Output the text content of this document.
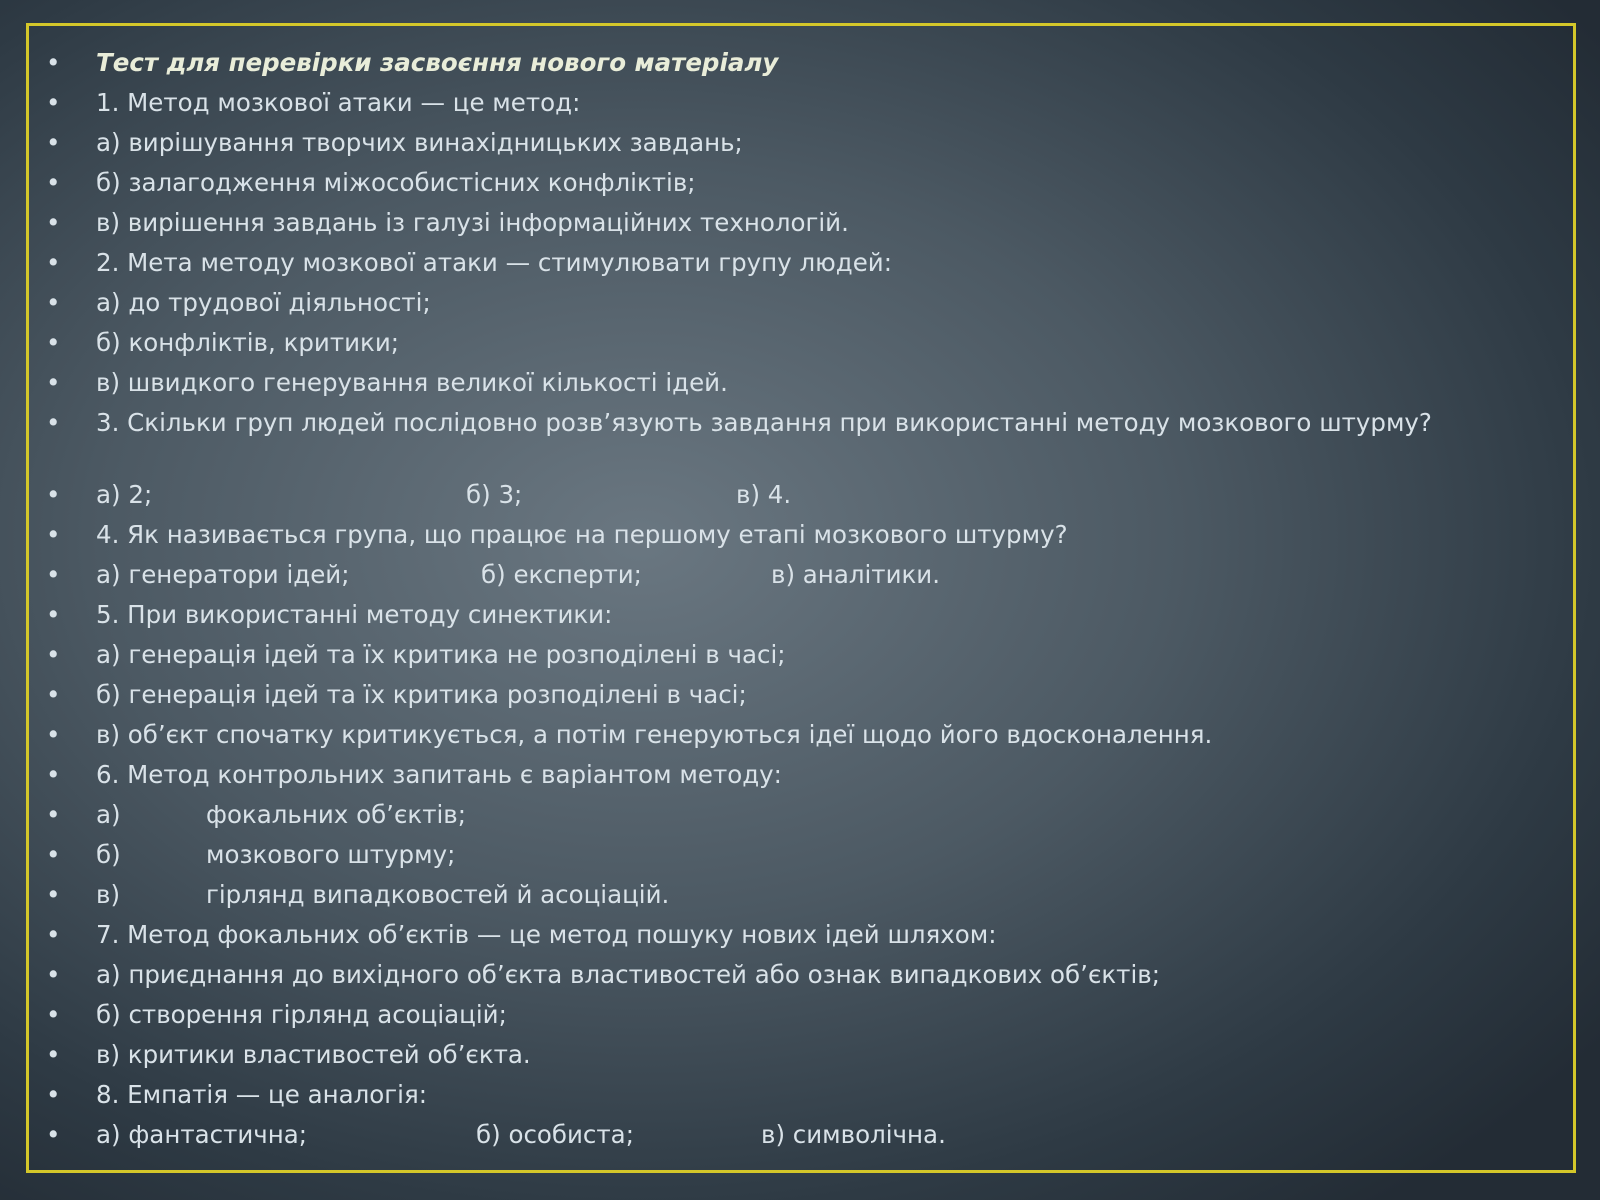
• Тест для перевірки засвоєння нового матеріалу
• 1. Метод мозкової атаки — це метод:
• а) вирішування творчих винахідницьких завдань;
• б) залагодження міжособистісних конфліктів;
• в) вирішення завдань із галузі інформаційних технологій.
• 2. Мета методу мозкової атаки — стимулювати групу людей:
• а) до трудової діяльності;
• б) конфліктів, критики;
• в) швидкого генерування великої кількості ідей.
• 3. Скільки груп людей послідовно розв’язують завдання при використанні методу мозкового штурму?
• а) 2;	б) 3;	в) 4.
• 4. Як називається група, що працює на першому етапі мозкового штурму?
• а) генератори ідей;	б) експерти;	в) аналітики.
• 5. При використанні методу синектики:
• а) генерація ідей та їх критика не розподілені в часі;
• б) генерація ідей та їх критика розподілені в часі;
• в) об’єкт спочатку критикується, а потім генеруються ідеї щодо його вдосконалення.
• 6. Метод контрольних запитань є варіантом методу:
• а)	фокальних об’єктів;
• б)	мозкового штурму;
• в)	гірлянд випадковостей й асоціацій.
• 7. Метод фокальних об’єктів — це метод пошуку нових ідей шляхом:
• а) приєднання до вихідного об’єкта властивостей або ознак випадкових об’єктів;
• б) створення гірлянд асоціацій;
• в) критики властивостей об’єкта.
• 8. Емпатія — це аналогія:
• а) фантастична;	б) особиста;	в) символічна.
